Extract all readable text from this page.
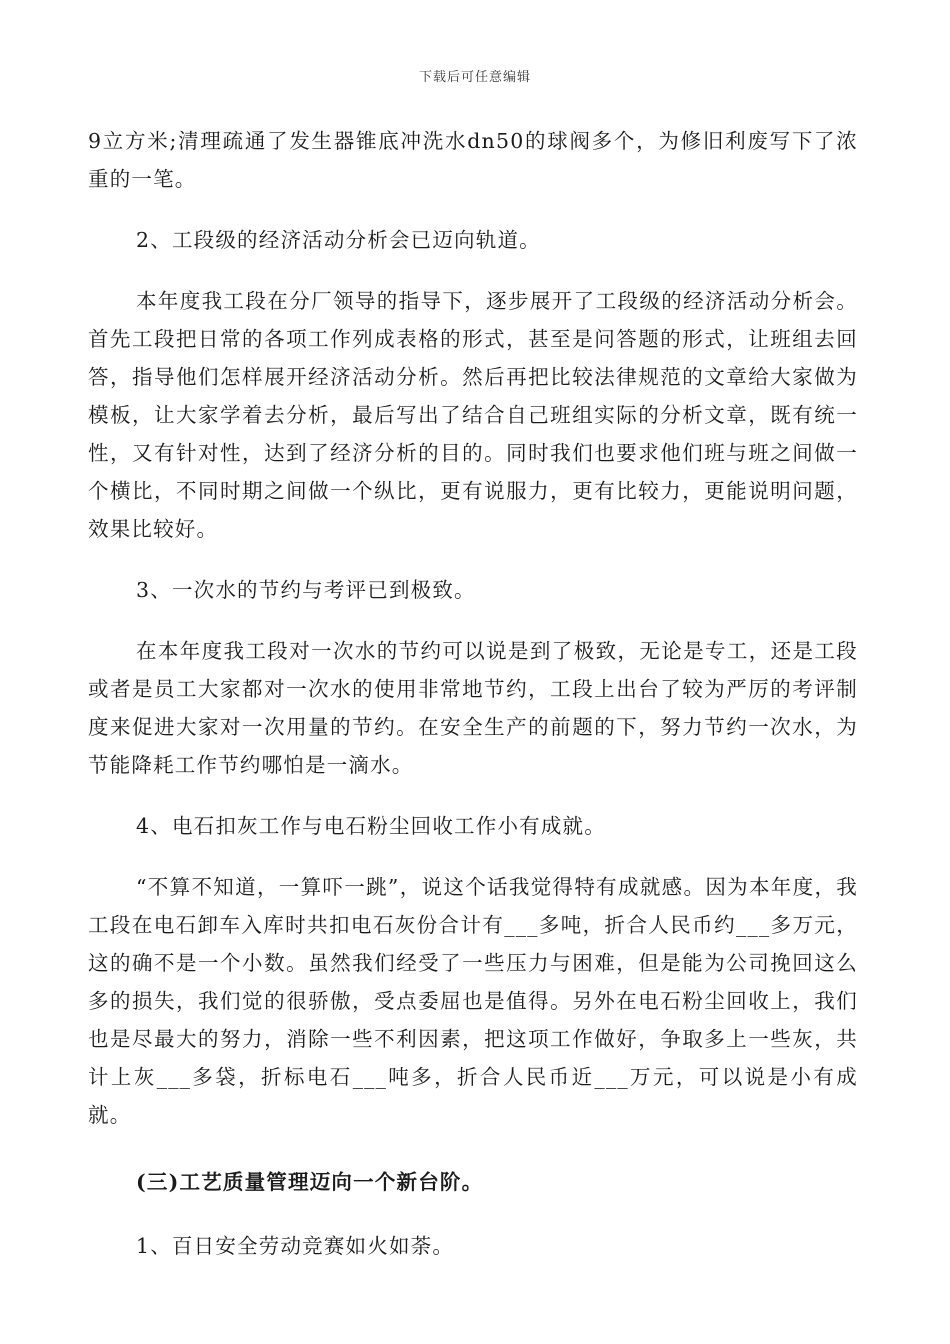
下载后可任意编辑

9立方米;清理疏通了发生器锥底冲洗水dn50的球阀多个，为修旧利废写下了浓重的一笔。

2、工段级的经济活动分析会已迈向轨道。

本年度我工段在分厂领导的指导下，逐步展开了工段级的经济活动分析会。首先工段把日常的各项工作列成表格的形式，甚至是问答题的形式，让班组去回答，指导他们怎样展开经济活动分析。然后再把比较法律规范的文章给大家做为模板，让大家学着去分析，最后写出了结合自己班组实际的分析文章，既有统一性，又有针对性，达到了经济分析的目的。同时我们也要求他们班与班之间做一个横比，不同时期之间做一个纵比，更有说服力，更有比较力，更能说明问题，效果比较好。

3、一次水的节约与考评已到极致。

在本年度我工段对一次水的节约可以说是到了极致，无论是专工，还是工段或者是员工大家都对一次水的使用非常地节约，工段上出台了较为严厉的考评制度来促进大家对一次用量的节约。在安全生产的前题的下，努力节约一次水，为节能降耗工作节约哪怕是一滴水。

4、电石扣灰工作与电石粉尘回收工作小有成就。

“不算不知道，一算吓一跳”，说这个话我觉得特有成就感。因为本年度，我工段在电石卸车入库时共扣电石灰份合计有___多吨，折合人民币约___多万元，这的确不是一个小数。虽然我们经受了一些压力与困难，但是能为公司挽回这么多的损失，我们觉的很骄傲，受点委屈也是值得。另外在电石粉尘回收上，我们也是尽最大的努力，消除一些不利因素，把这项工作做好，争取多上一些灰，共计上灰___多袋，折标电石___吨多，折合人民币近___万元，可以说是小有成就。

(三)工艺质量管理迈向一个新台阶。

1、百日安全劳动竞赛如火如荼。
